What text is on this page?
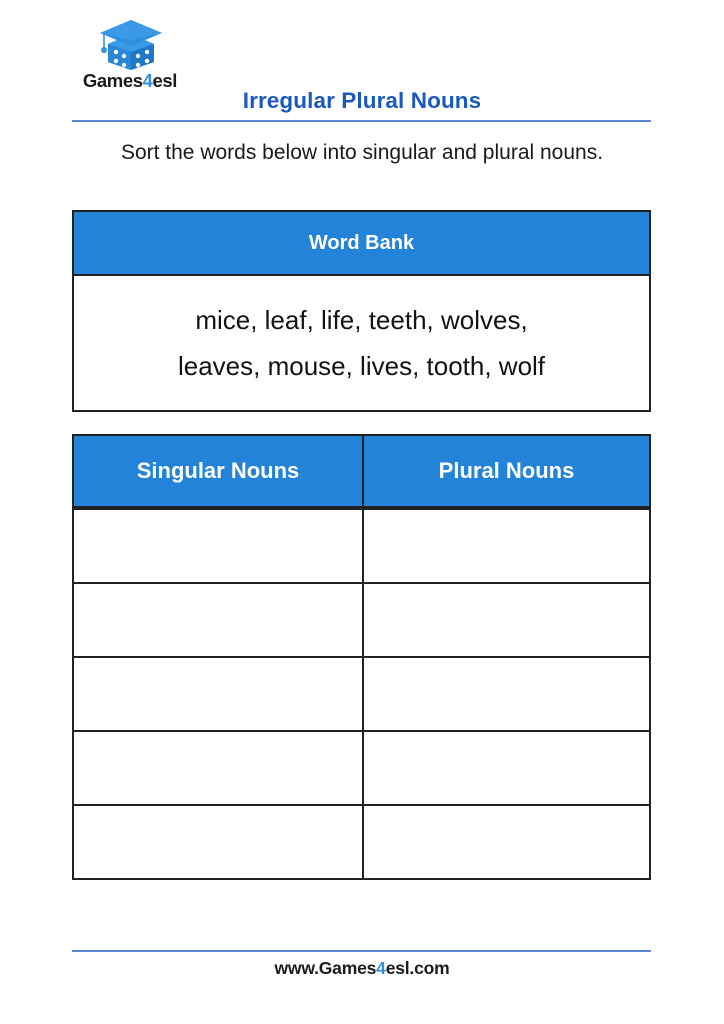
Games4esl
Irregular Plural Nouns
Sort the words below into singular and plural nouns.
Word Bank
mice, leaf, life, teeth, wolves,
leaves, mouse, lives, tooth, wolf
Singular Nouns	Plural Nouns
www.Games4esl.com
